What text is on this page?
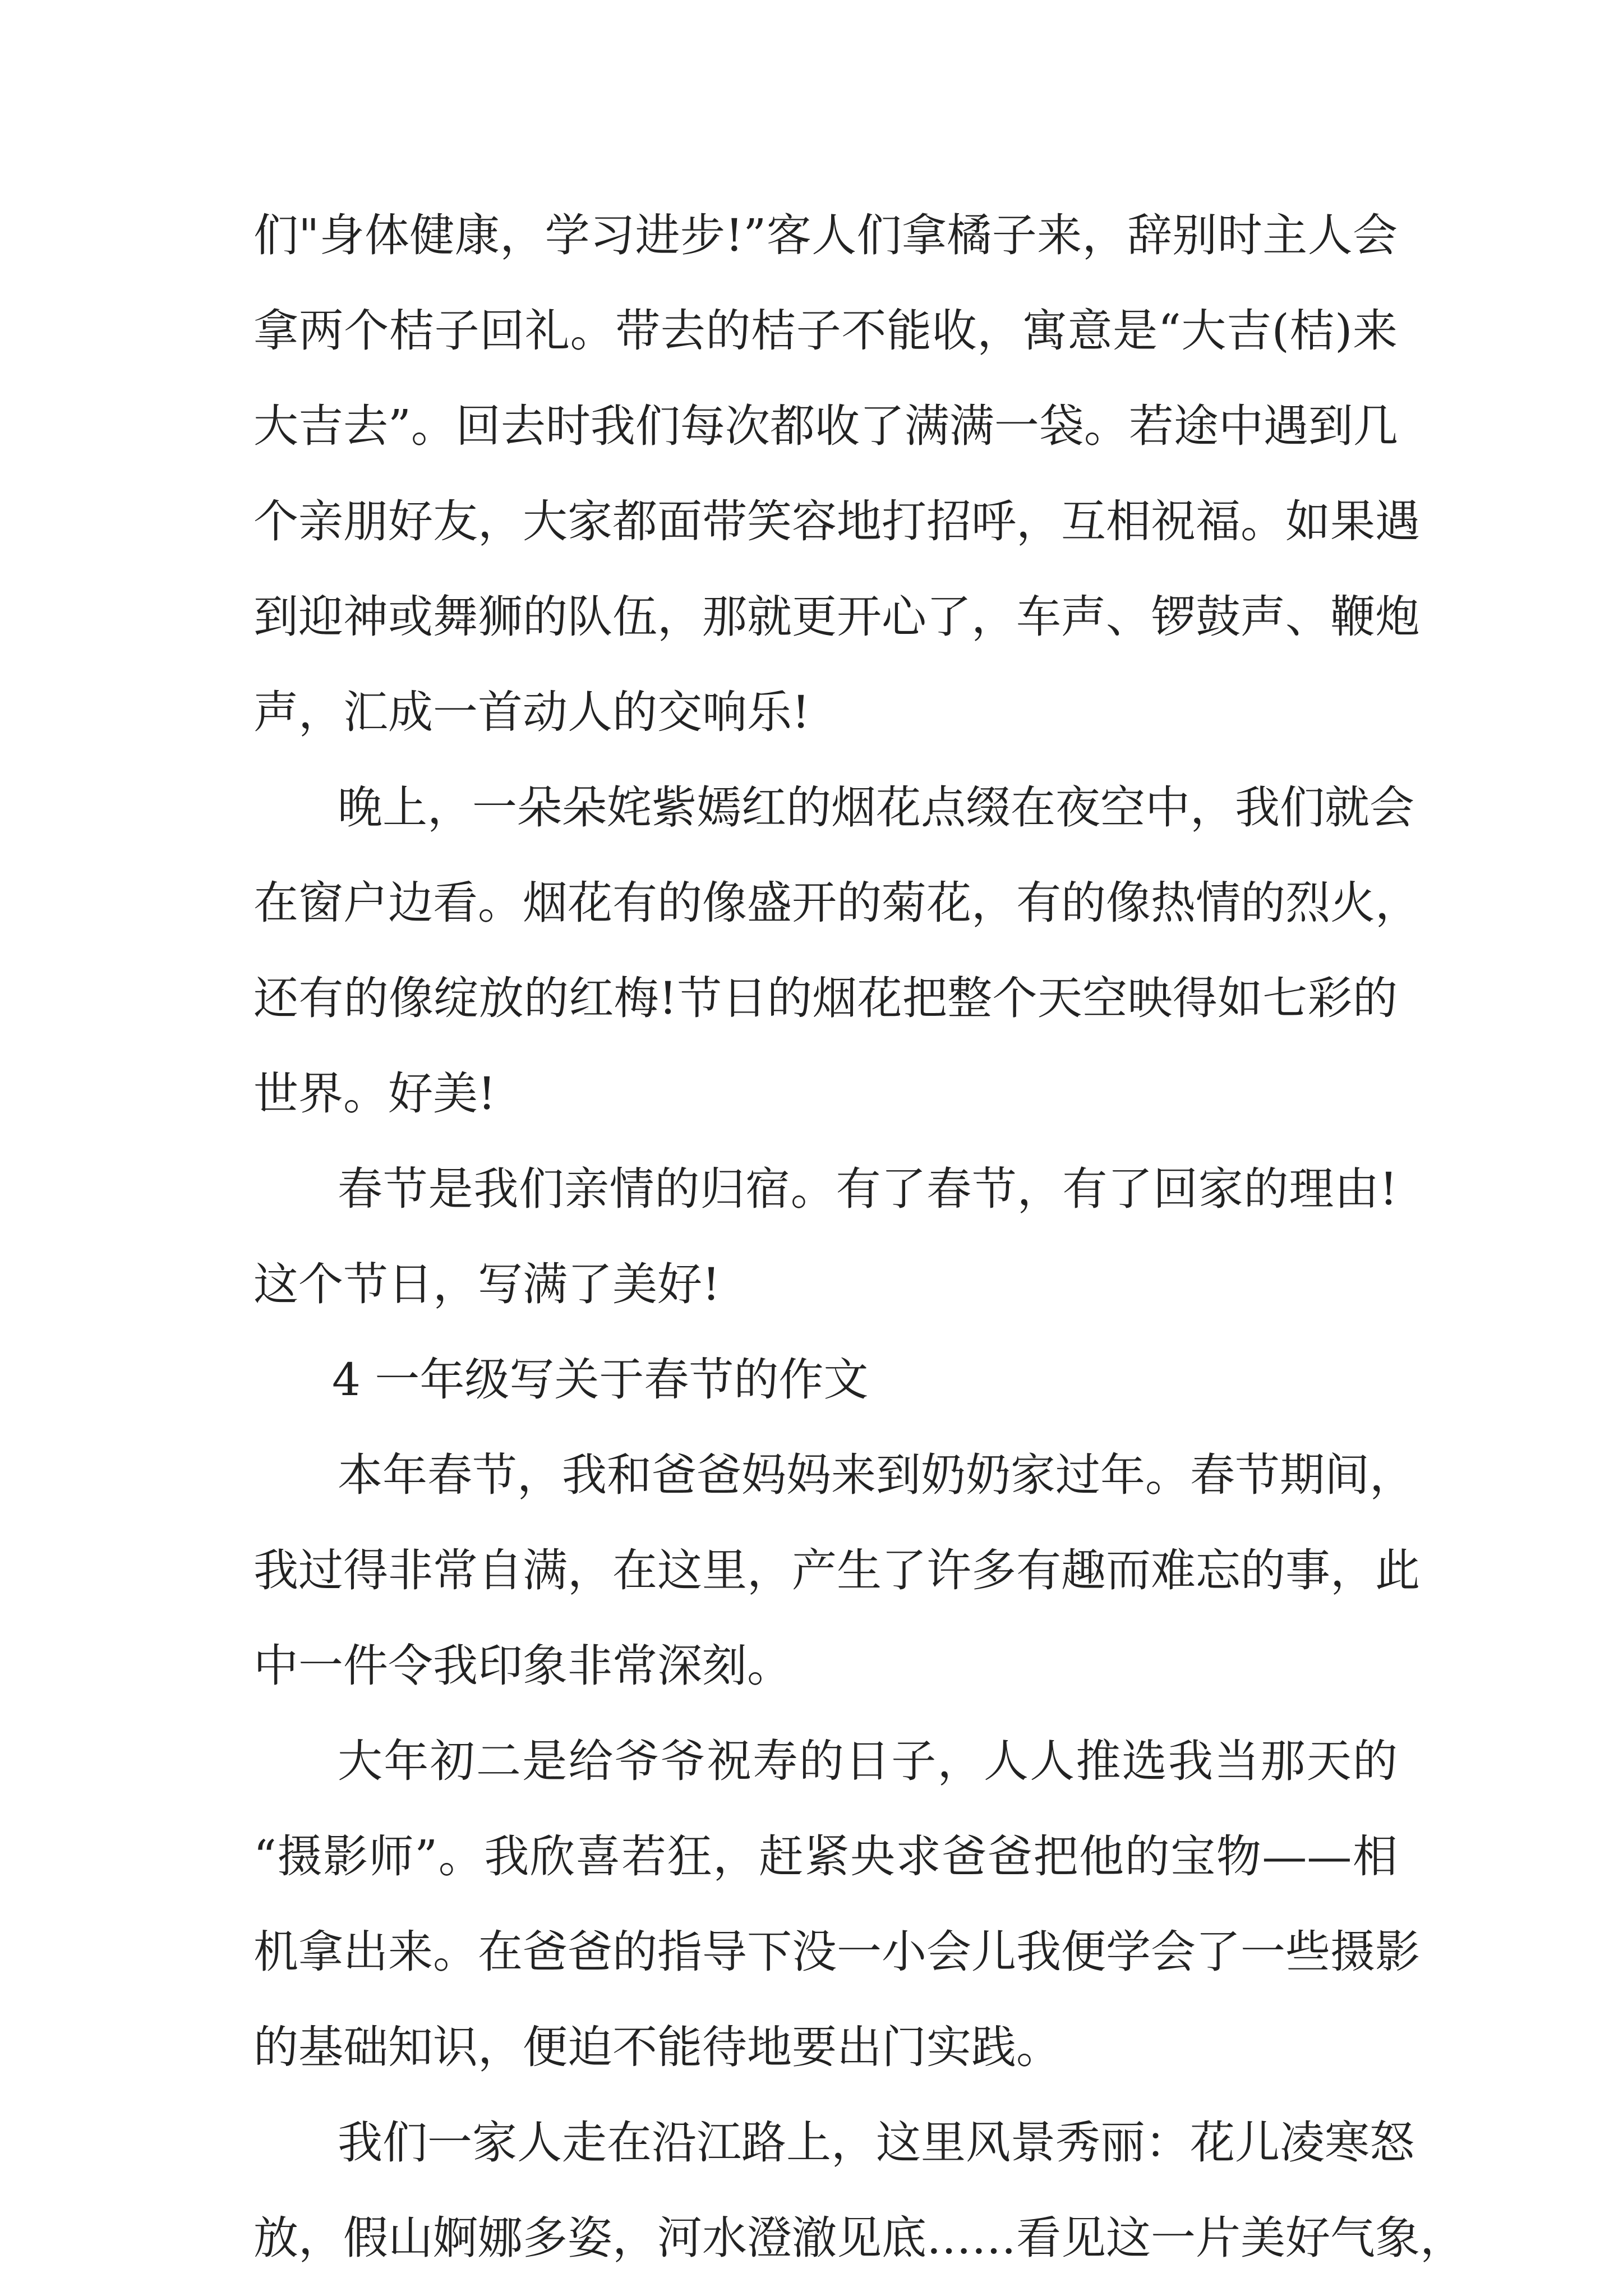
们"身体健康，学习进步!”客人们拿橘子来，辞别时主人会
拿两个桔子回礼。带去的桔子不能收，寓意是“大吉(桔)来
大吉去”。回去时我们每次都收了满满一袋。若途中遇到几
个亲朋好友，大家都面带笑容地打招呼，互相祝福。如果遇
到迎神或舞狮的队伍，那就更开心了，车声、锣鼓声、鞭炮
声，汇成一首动人的交响乐!
晚上，一朵朵姹紫嫣红的烟花点缀在夜空中，我们就会
在窗户边看。烟花有的像盛开的菊花，有的像热情的烈火，
还有的像绽放的红梅!节日的烟花把整个天空映得如七彩的
世界。好美!
春节是我们亲情的归宿。有了春节，有了回家的理由!
这个节日，写满了美好!
4 一年级写关于春节的作文
本年春节，我和爸爸妈妈来到奶奶家过年。春节期间，
我过得非常自满，在这里，产生了许多有趣而难忘的事，此
中一件令我印象非常深刻。
大年初二是给爷爷祝寿的日子，人人推选我当那天的
“摄影师”。我欣喜若狂，赶紧央求爸爸把他的宝物——相
机拿出来。在爸爸的指导下没一小会儿我便学会了一些摄影
的基础知识，便迫不能待地要出门实践。
我们一家人走在沿江路上，这里风景秀丽：花儿凌寒怒
放，假山婀娜多姿，河水澄澈见底……看见这一片美好气象，
